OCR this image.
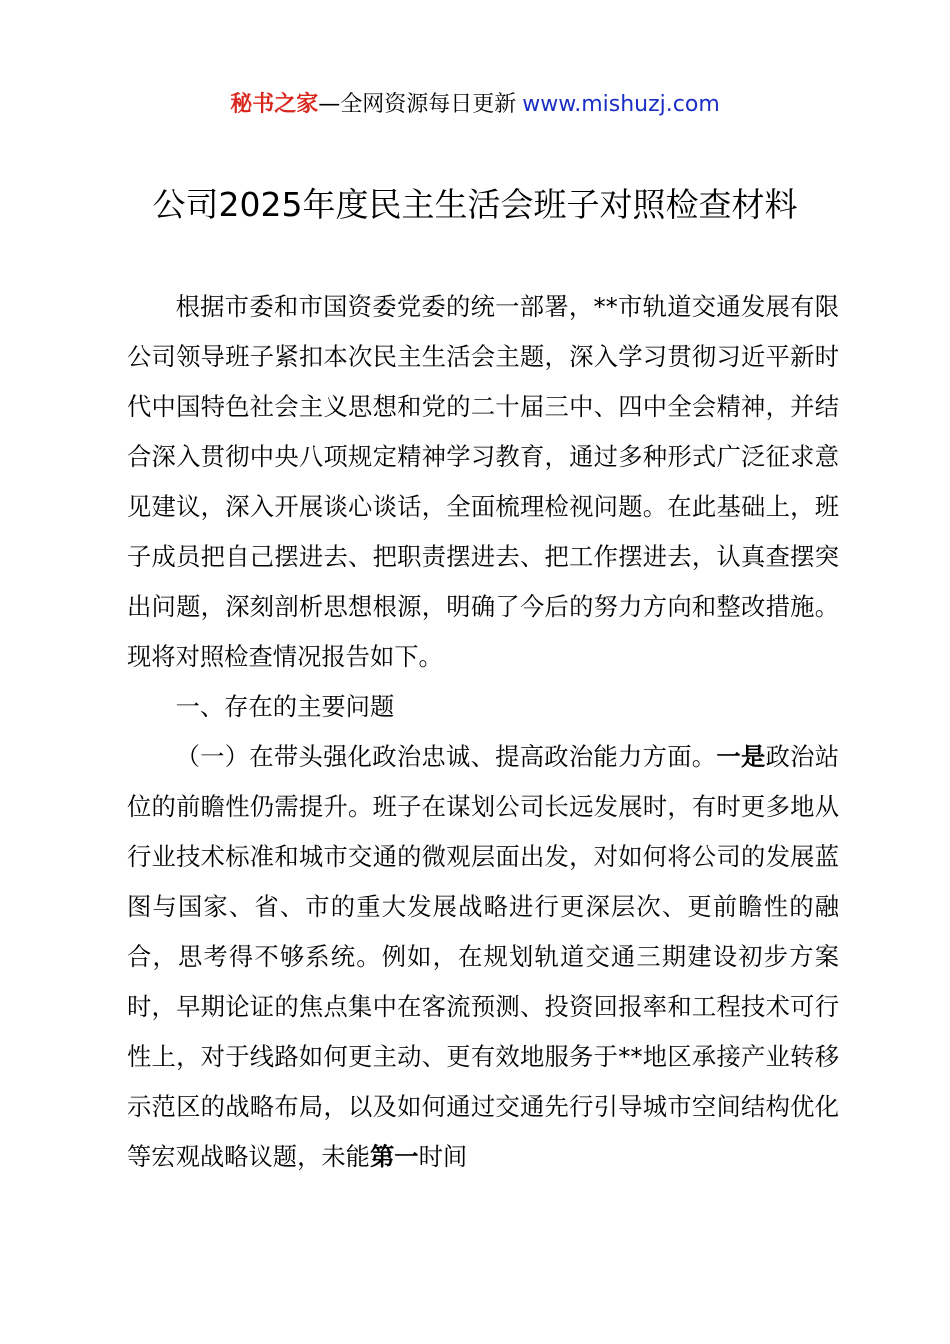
秘书之家—全网资源每日更新 www.mishuzj.com
公司2025年度民主生活会班子对照检查材料

根据市委和市国资委党委的统一部署，**市轨道交通发展有限公司领导班子紧扣本次民主生活会主题，深入学习贯彻习近平新时代中国特色社会主义思想和党的二十届三中、四中全会精神，并结合深入贯彻中央八项规定精神学习教育，通过多种形式广泛征求意见建议，深入开展谈心谈话，全面梳理检视问题。在此基础上，班子成员把自己摆进去、把职责摆进去、把工作摆进去，认真查摆突出问题，深刻剖析思想根源，明确了今后的努力方向和整改措施。现将对照检查情况报告如下。

一、存在的主要问题

（一）在带头强化政治忠诚、提高政治能力方面。一是政治站位的前瞻性仍需提升。班子在谋划公司长远发展时，有时更多地从行业技术标准和城市交通的微观层面出发，对如何将公司的发展蓝图与国家、省、市的重大发展战略进行更深层次、更前瞻性的融合，思考得不够系统。例如，在规划轨道交通三期建设初步方案时，早期论证的焦点集中在客流预测、投资回报率和工程技术可行性上，对于线路如何更主动、更有效地服务于**地区承接产业转移示范区的战略布局，以及如何通过交通先行引导城市空间结构优化等宏观战略议题，未能第一时间
